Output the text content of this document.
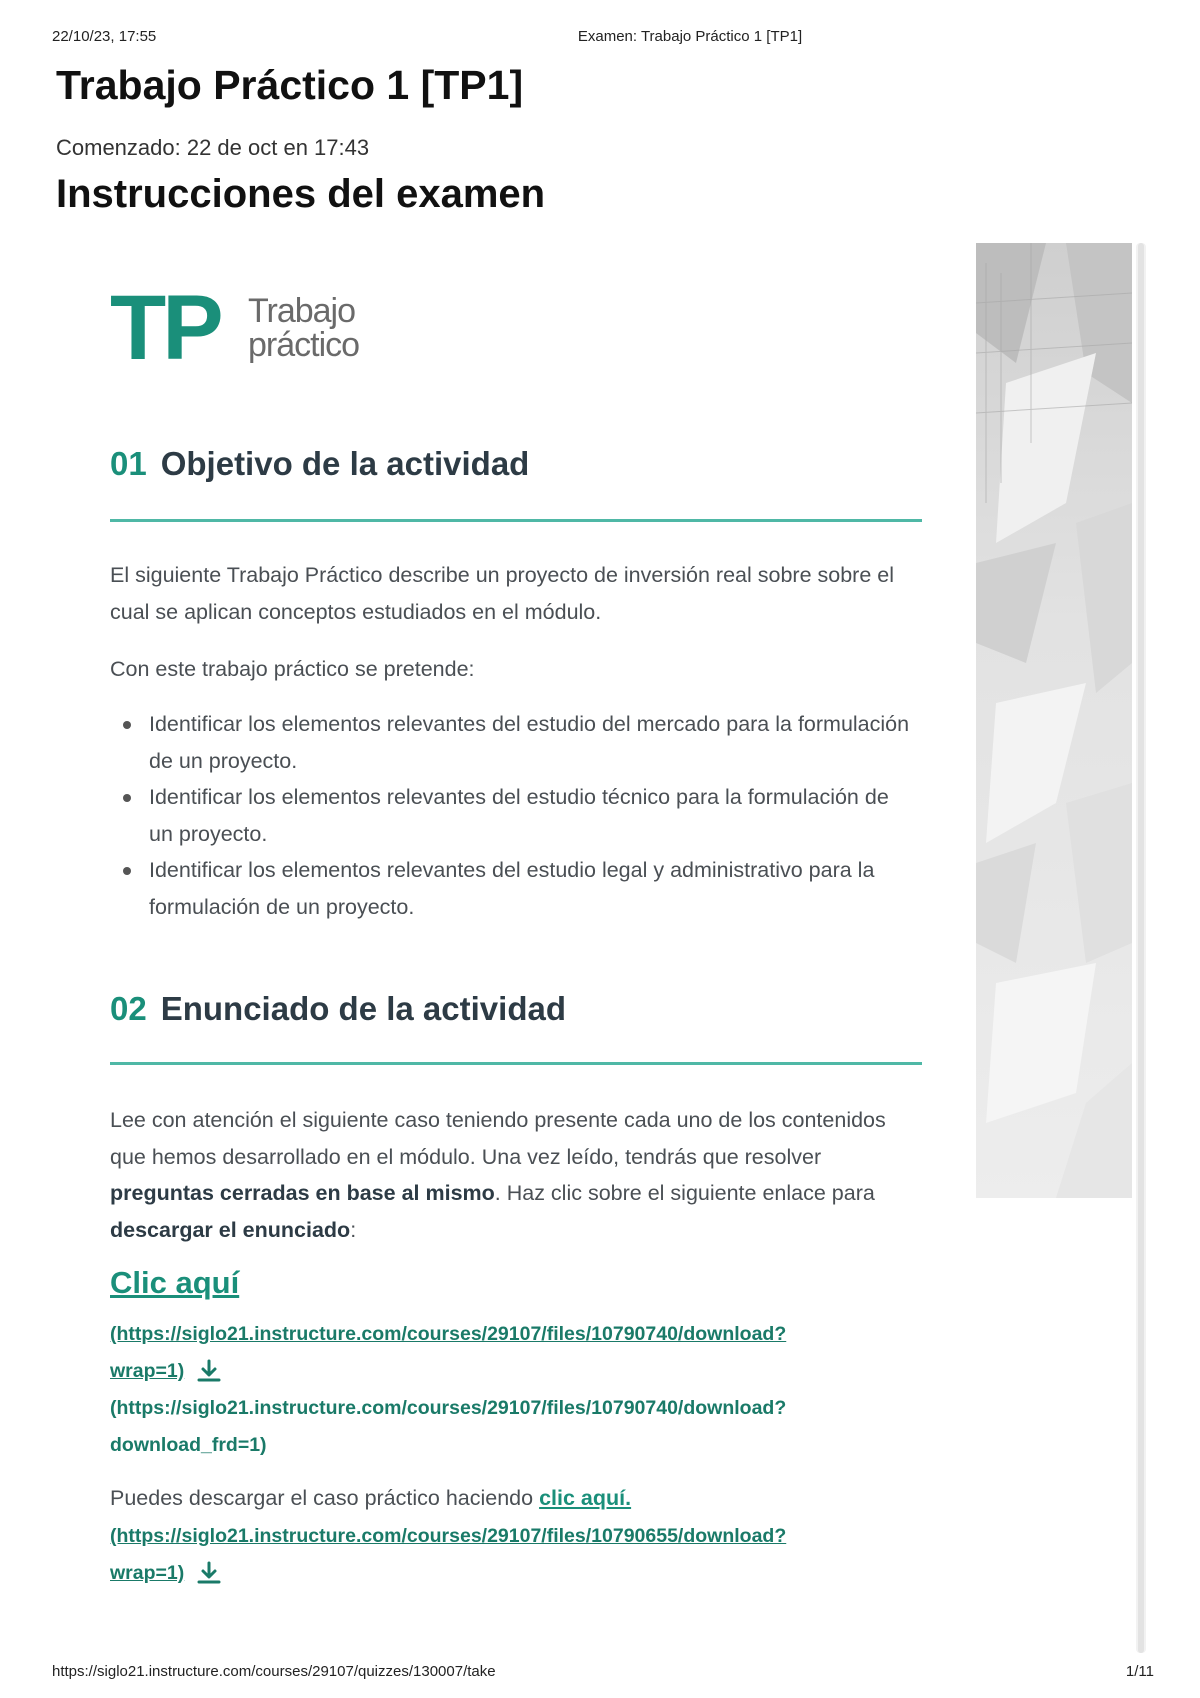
22/10/23, 17:55	Examen: Trabajo Práctico 1 [TP1]
Trabajo Práctico 1 [TP1]
Comenzado: 22 de oct en 17:43
Instrucciones del examen
TP Trabajo
práctico
01 Objetivo de la actividad

El siguiente Trabajo Práctico describe un proyecto de inversión real sobre sobre el cual se aplican conceptos estudiados en el módulo.

Con este trabajo práctico se pretende:

Identificar los elementos relevantes del estudio del mercado para la formulación de un proyecto.
Identificar los elementos relevantes del estudio técnico para la formulación de un proyecto.
Identificar los elementos relevantes del estudio legal y administrativo para la formulación de un proyecto.
02 Enunciado de la actividad

Lee con atención el siguiente caso teniendo presente cada uno de los contenidos que hemos desarrollado en el módulo. Una vez leído, tendrás que resolver preguntas cerradas en base al mismo. Haz clic sobre el siguiente enlace para descargar el enunciado:

Clic aquí
(https://siglo21.instructure.com/courses/29107/files/10790740/download?
wrap=1)
(https://siglo21.instructure.com/courses/29107/files/10790740/download?
download_frd=1)

Puedes descargar el caso práctico haciendo clic aquí.

(https://siglo21.instructure.com/courses/29107/files/10790655/download?
wrap=1)
https://siglo21.instructure.com/courses/29107/quizzes/130007/take	1/11
